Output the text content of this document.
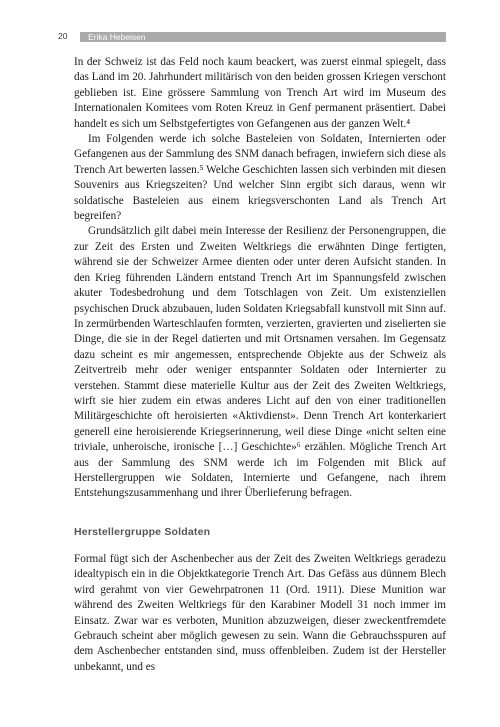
20 Erika Hebeisen

In der Schweiz ist das Feld noch kaum beackert, was zuerst einmal spiegelt, dass das Land im 20. Jahrhundert militärisch von den beiden grossen Kriegen verschont geblieben ist. Eine grössere Sammlung von Trench Art wird im Museum des Internationalen Komitees vom Roten Kreuz in Genf permanent präsentiert. Dabei handelt es sich um Selbstgefertigtes von Gefangenen aus der ganzen Welt.⁴

Im Folgenden werde ich solche Basteleien von Soldaten, Internierten oder Gefangenen aus der Sammlung des SNM danach befragen, inwiefern sich diese als Trench Art bewerten lassen.⁵ Welche Geschichten lassen sich verbinden mit diesen Souvenirs aus Kriegszeiten? Und welcher Sinn ergibt sich daraus, wenn wir soldatische Basteleien aus einem kriegsverschonten Land als Trench Art begreifen?

Grundsätzlich gilt dabei mein Interesse der Resilienz der Personengruppen, die zur Zeit des Ersten und Zweiten Weltkriegs die erwähnten Dinge fertigten, während sie der Schweizer Armee dienten oder unter deren Aufsicht standen. In den Krieg führenden Ländern entstand Trench Art im Spannungsfeld zwischen akuter Todesbedrohung und dem Totschlagen von Zeit. Um existenziellen psychischen Druck abzubauen, luden Soldaten Kriegsabfall kunstvoll mit Sinn auf. In zermürbenden Warteschlaufen formten, verzierten, gravierten und ziselierten sie Dinge, die sie in der Regel datierten und mit Ortsnamen versahen. Im Gegensatz dazu scheint es mir angemessen, entsprechende Objekte aus der Schweiz als Zeitvertreib mehr oder weniger entspannter Soldaten oder Internierter zu verstehen. Stammt diese materielle Kultur aus der Zeit des Zweiten Weltkriegs, wirft sie hier zudem ein etwas anderes Licht auf den von einer traditionellen Militärgeschichte oft heroisierten «Aktivdienst». Denn Trench Art konterkariert generell eine heroisierende Kriegserinnerung, weil diese Dinge «nicht selten eine triviale, unheroische, ironische […] Geschichte»⁶ erzählen. Mögliche Trench Art aus der Sammlung des SNM werde ich im Folgenden mit Blick auf Herstellergruppen wie Soldaten, Internierte und Gefangene, nach ihrem Entstehungszusammenhang und ihrer Überlieferung befragen.

Herstellergruppe Soldaten

Formal fügt sich der Aschenbecher aus der Zeit des Zweiten Weltkriegs geradezu idealtypisch ein in die Objektkategorie Trench Art. Das Gefäss aus dünnem Blech wird gerahmt von vier Gewehrpatronen 11 (Ord. 1911). Diese Munition war während des Zweiten Weltkriegs für den Karabiner Modell 31 noch immer im Einsatz. Zwar war es verboten, Munition abzuzweigen, dieser zweckentfremdete Gebrauch scheint aber möglich gewesen zu sein. Wann die Gebrauchsspuren auf dem Aschenbecher entstanden sind, muss offenbleiben. Zudem ist der Hersteller unbekannt, und es
